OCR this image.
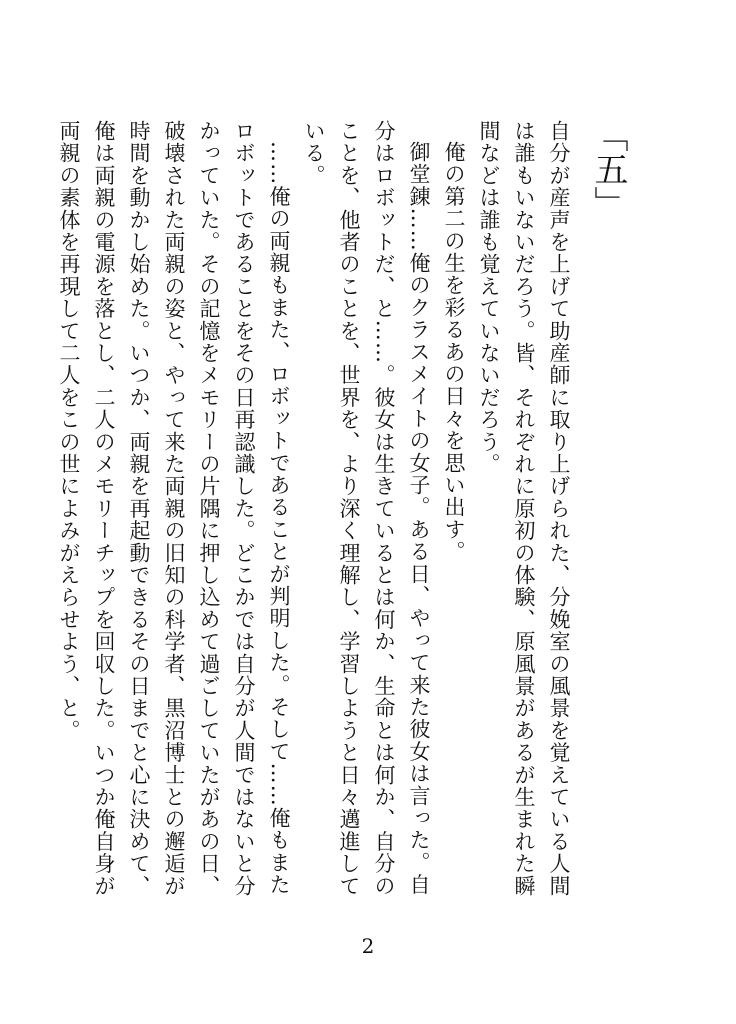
「五」

自分が産声を上げて助産師に取り上げられた、分娩室の風景を覚えている人間は誰もいないだろう。皆、それぞれに原初の体験、原風景があるが生まれた瞬間などは誰も覚えていないだろう。

俺の第二の生を彩るあの日々を思い出す。

御堂錬……俺のクラスメイトの女子。ある日、やって来た彼女は言った。自分はロボットだ、と……。彼女は生きているとは何か、生命とは何か、自分のことを、他者のことを、世界を、より深く理解し、学習しようと日々邁進している。

……俺の両親もまた、ロボットであることが判明した。そして……俺もまたロボットであることをその日再認識した。どこかでは自分が人間ではないと分かっていた。その記憶をメモリーの片隅に押し込めて過ごしていたがあの日、破壊された両親の姿と、やって来た両親の旧知の科学者、黒沼博士との邂逅が時間を動かし始めた。いつか、両親を再起動できるその日までと心に決めて、俺は両親の電源を落とし、二人のメモリーチップを回収した。いつか俺自身が両親の素体を再現して二人をこの世によみがえらせよう、と。

2
